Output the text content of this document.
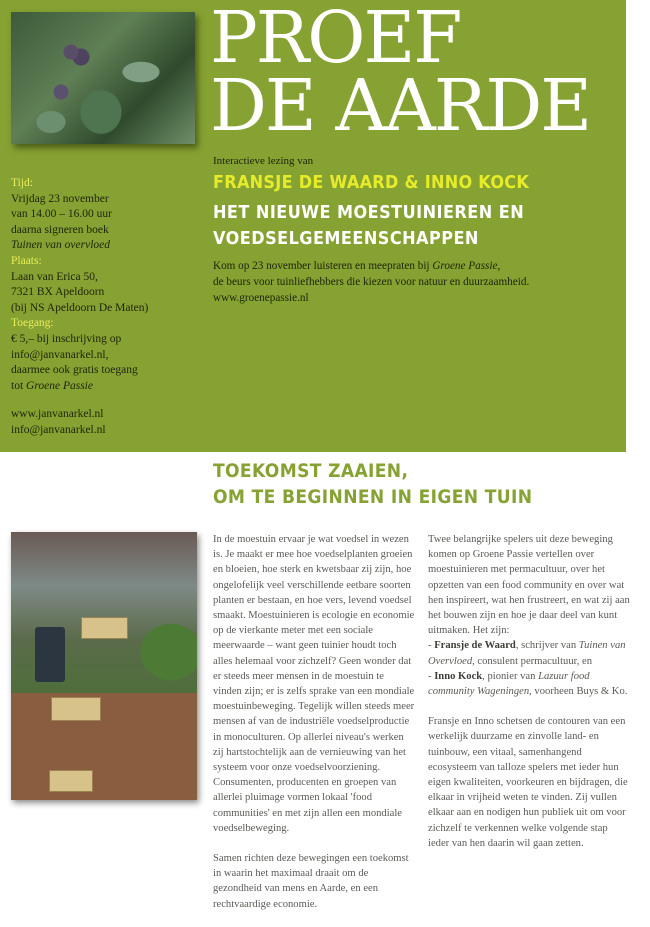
PROEF
DE AARDE
Tijd:
Vrijdag 23 november
van 14.00 – 16.00 uur
daarna signeren boek
Tuinen van overvloed
Plaats:
Laan van Erica 50,
7321 BX Apeldoorn
(bij NS Apeldoorn De Maten)
Toegang:
€ 5,– bij inschrijving op
info@janvanarkel.nl,
daarmee ook gratis toegang
tot Groene Passie
www.janvanarkel.nl
info@janvanarkel.nl
Interactieve lezing van
FRANSJE DE WAARD & INNO KOCK
HET NIEUWE MOESTUINIEREN EN
VOEDSELGEMEENSCHAPPEN
Kom op 23 november luisteren en meepraten bij Groene Passie,
de beurs voor tuinliefhebbers die kiezen voor natuur en duurzaamheid.
www.groenepassie.nl
TOEKOMST ZAAIEN,
OM TE BEGINNEN IN EIGEN TUIN

In de moestuin ervaar je wat voedsel in wezen is. Je maakt er mee hoe voedselplanten groeien en bloeien, hoe sterk en kwetsbaar zij zijn, hoe ongelofelijk veel verschillende eetbare soorten planten er bestaan, en hoe vers, levend voedsel smaakt. Moestuinieren is ecologie en economie op de vierkante meter met een sociale meerwaarde – want geen tuinier houdt toch alles helemaal voor zichzelf? Geen wonder dat er steeds meer mensen in de moestuin te vinden zijn; er is zelfs sprake van een mondiale moestuinbeweging. Tegelijk willen steeds meer mensen af van de industriële voedselproductie in monoculturen. Op allerlei niveau's werken zij hartstochtelijk aan de vernieuwing van het systeem voor onze voedselvoorziening. Consumenten, producenten en groepen van allerlei pluimage vormen lokaal 'food communities' en met zijn allen een mondiale voedselbeweging.

Samen richten deze bewegingen een toekomst in waarin het maximaal draait om de gezondheid van mens en Aarde, en een rechtvaardige economie.

Twee belangrijke spelers uit deze beweging komen op Groene Passie vertellen over moestuinieren met permacultuur, over het opzetten van een food community en over wat hen inspireert, wat hen frustreert, en wat zij aan het bouwen zijn en hoe je daar deel van kunt uitmaken. Het zijn:

- Fransje de Waard, schrijver van Tuinen van Overvloed, consulent permacultuur, en
- Inno Kock, pionier van Lazuur food community Wageningen, voorheen Buys & Ko.

Fransje en Inno schetsen de contouren van een werkelijk duurzame en zinvolle land- en tuinbouw, een vitaal, samenhangend ecosysteem van talloze spelers met ieder hun eigen kwaliteiten, voorkeuren en bijdragen, die elkaar in vrijheid weten te vinden. Zij vullen elkaar aan en nodigen hun publiek uit om voor zichzelf te verkennen welke volgende stap ieder van hen daarin wil gaan zetten.
